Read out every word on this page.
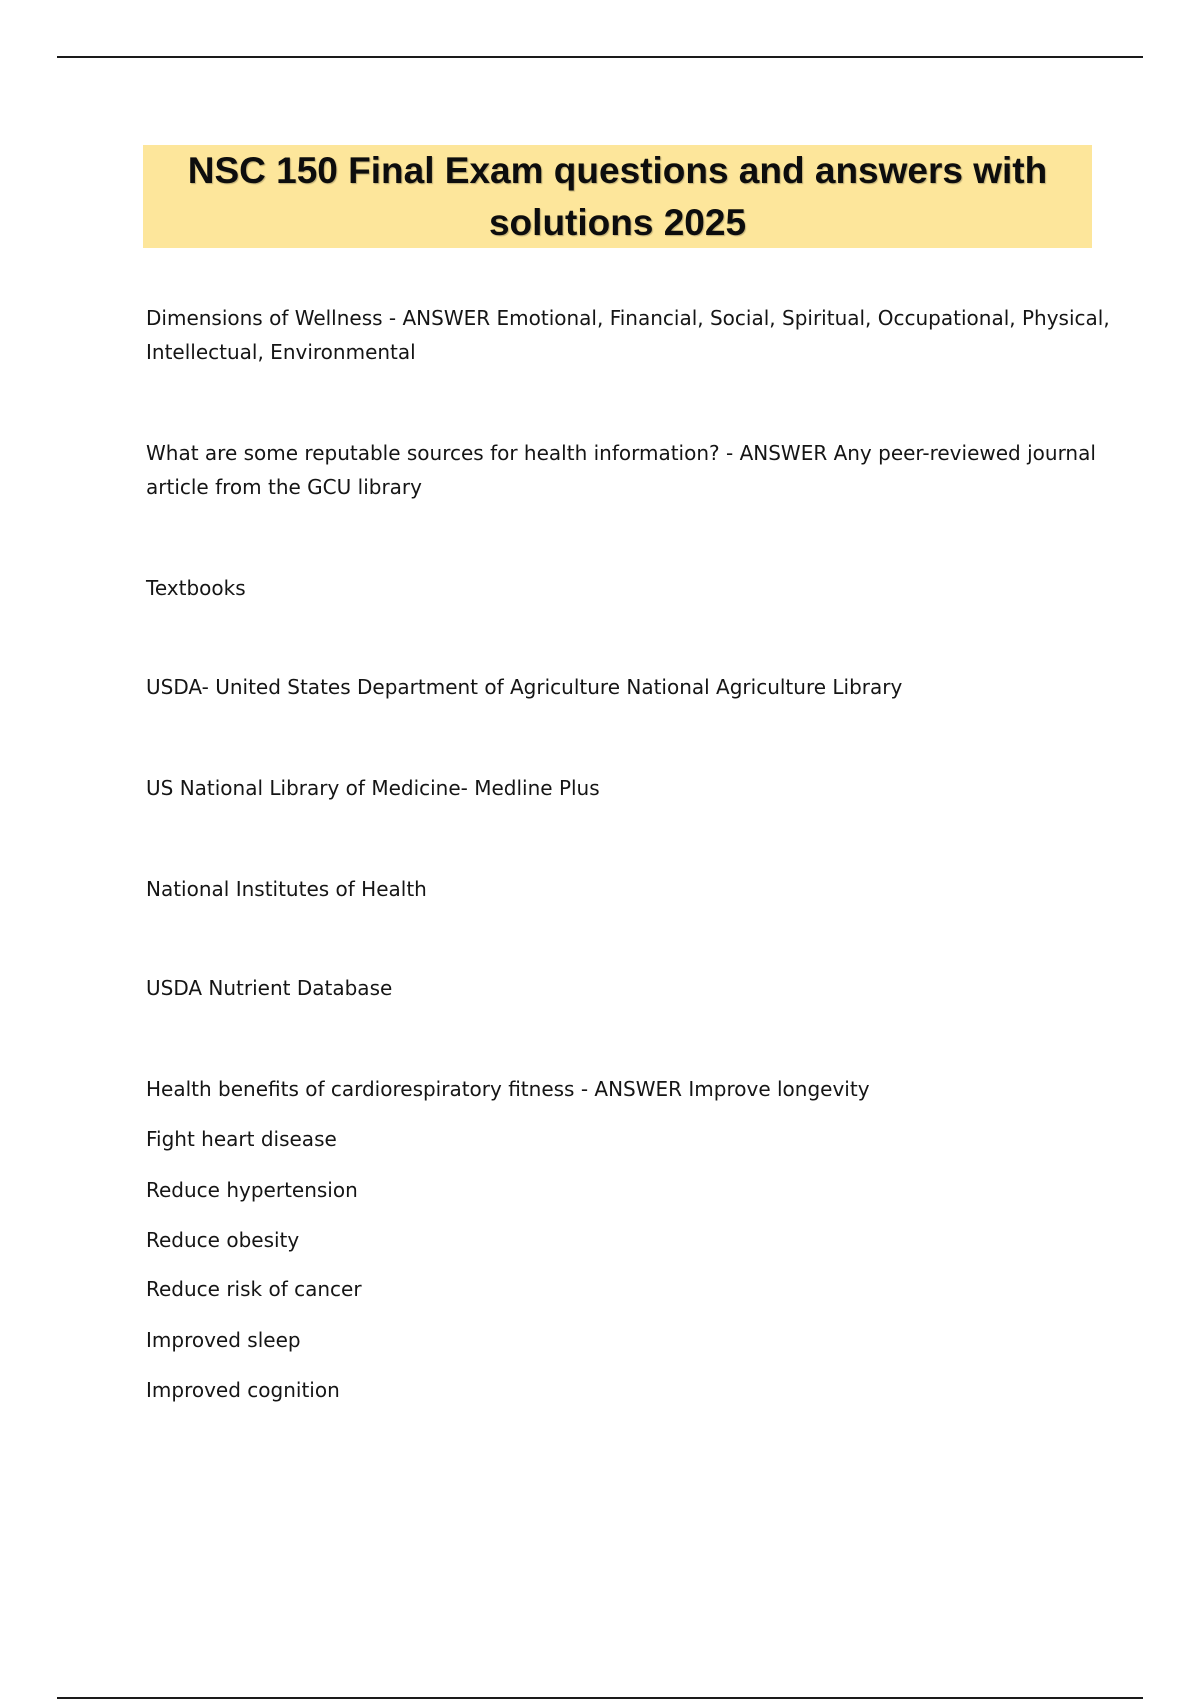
NSC 150 Final Exam questions and answers with solutions 2025

Dimensions of Wellness - ANSWER Emotional, Financial, Social, Spiritual, Occupational, Physical,

Intellectual, Environmental

What are some reputable sources for health information? - ANSWER Any peer-reviewed journal

article from the GCU library

Textbooks

USDA- United States Department of Agriculture National Agriculture Library

US National Library of Medicine- Medline Plus

National Institutes of Health

USDA Nutrient Database

Health benefits of cardiorespiratory fitness - ANSWER Improve longevity

Fight heart disease

Reduce hypertension

Reduce obesity

Reduce risk of cancer

Improved sleep

Improved cognition
